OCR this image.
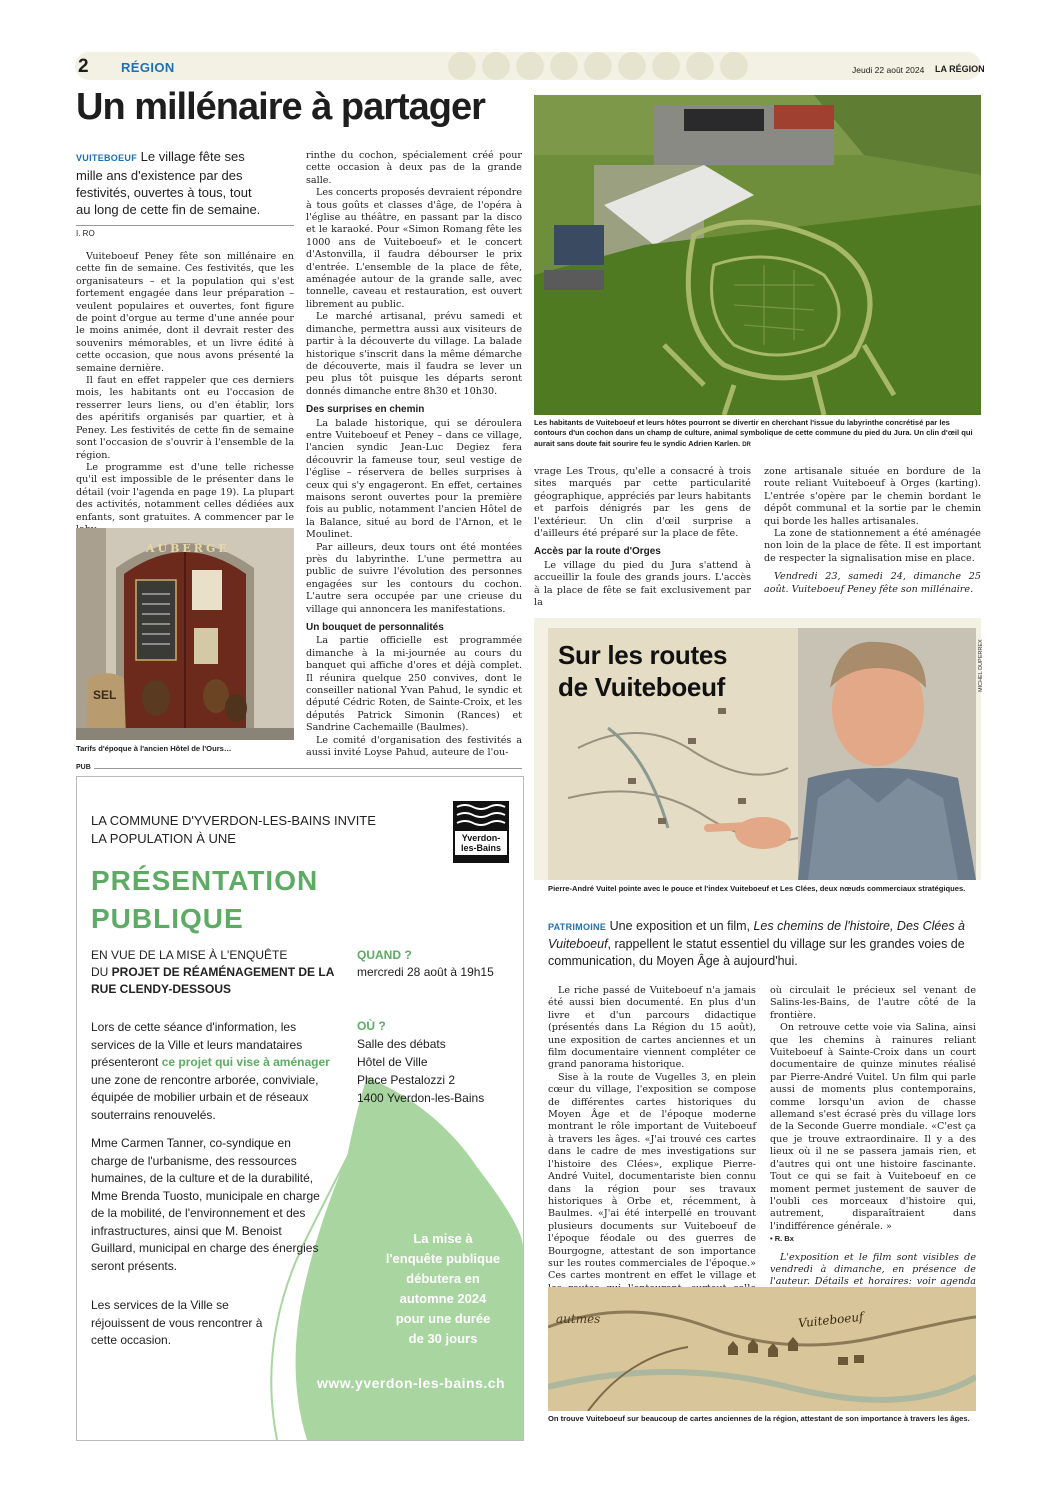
2 RÉGION	Jeudi 22 août 2024 LA RÉGION
Un millénaire à partager
VUITEBOEUF Le village fête ses mille ans d'existence par des festivités, ouvertes à tous, tout au long de cette fin de semaine.
I. RO

Vuiteboeuf Peney fête son millénaire en cette fin de semaine. Ces festivités, que les organisateurs – et la population qui s'est fortement engagée dans leur préparation – veulent populaires et ouvertes, font figure de point d'orgue au terme d'une année pour le moins animée, dont il devrait rester des souvenirs mémorables, et un livre édité à cette occasion, que nous avons présenté la semaine dernière.

Il faut en effet rappeler que ces derniers mois, les habitants ont eu l'occasion de resserrer leurs liens, ou d'en établir, lors des apéritifs organisés par quartier, et à Peney. Les festivités de cette fin de semaine sont l'occasion de s'ouvrir à l'ensemble de la région.

Le programme est d'une telle richesse qu'il est impossible de le présenter dans le détail (voir l'agenda en page 19). La plupart des activités, notamment celles dédiées aux enfants, sont gratuites. A commencer par le

AUBERGE
SEL
Tarifs d'époque à l'ancien Hôtel de l'Ours…

rinthe du cochon, spécialement créé pour cette occasion à deux pas de la grande salle.

Les concerts proposés devraient répondre à tous goûts et classes d'âge, de l'opéra à l'église au théâtre, en passant par la disco et le karaoké. Pour «Simon Romang fête les 1000 ans de Vuiteboeuf» et le concert d'Astonvilla, il faudra débourser le prix d'entrée. L'ensemble de la place de fête, aménagée autour de la grande salle, avec tonnelle, caveau et restauration, est ouvert librement au public.

Le marché artisanal, prévu samedi et dimanche, permettra aussi aux visiteurs de partir à la découverte du village. La balade historique s'inscrit dans la même démarche de découverte, mais il faudra se lever un peu plus tôt puisque les départs seront donnés dimanche entre 8h30 et 10h30.

Des surprises en chemin

La balade historique, qui se déroulera entre Vuiteboeuf et Peney – dans ce village, l'ancien syndic Jean-Luc Degiez fera découvrir la fameuse tour, seul vestige de l'église – réservera de belles surprises à ceux qui s'y engageront. En effet, certaines maisons seront ouvertes pour la première fois au public, notamment l'ancien Hôtel de la Balance, situé au bord de l'Arnon, et le Moulinet.

Par ailleurs, deux tours ont été montées près du labyrinthe. L'une permettra au public de suivre l'évolution des personnes engagées sur les contours du cochon. L'autre sera occupée par une crieuse du village qui annoncera les manifestations.

Un bouquet de personnalités

La partie officielle est programmée dimanche à la mi-journée au cours du banquet qui affiche d'ores et déjà complet. Il réunira quelque 250 convives, dont le conseiller national Yvan Pahud, le syndic et député Cédric Roten, de Sainte-Croix, et les députés Patrick Simonin (Rances) et Sandrine Cachemaille (Baulmes).

Le comité d'organisation des festivités a aussi invité Loyse Pahud, auteure de l'ou-

Les habitants de Vuiteboeuf et leurs hôtes pourront se divertir en cherchant l'issue du labyrinthe concrétisé par les contours d'un cochon dans un champ de culture, animal symbolique de cette commune du pied du Jura. Un clin d'œil qui aurait sans doute fait sourire feu le syndic Adrien Karlen. DR

vrage Les Trous, qu'elle a consacré à trois sites marqués par cette particularité géographique, appréciés par leurs habitants et parfois dénigrés par les gens de l'extérieur. Un clin d'œil surprise a d'ailleurs été préparé sur la place de fête.

Accès par la route d'Orges

Le village du pied du Jura s'attend à accueillir la foule des grands jours. L'accès à la place de fête se fait exclusivement par la

zone artisanale située en bordure de la route reliant Vuiteboeuf à Orges (karting). L'entrée s'opère par le chemin bordant le dépôt communal et la sortie par le chemin qui borde les halles artisanales.

La zone de stationnement a été aménagée non loin de la place de fête. Il est important de respecter la signalisation mise en place.

Vendredi 23, samedi 24, dimanche 25 août. Vuiteboeuf Peney fête son millénaire.

PUB
LA COMMUNE D'YVERDON-LES-BAINS INVITE
LA POPULATION À UNE	Yverdon-les-Bains
PRÉSENTATION
PUBLIQUE
EN VUE DE LA MISE À L'ENQUÊTE
DU PROJET DE RÉAMÉNAGEMENT DE LA RUE CLENDY-DESSOUS
QUAND ?
mercredi 28 août à 19h15
OÙ ?
Salle des débats
Hôtel de Ville
Place Pestalozzi 2
1400 Yverdon-les-Bains
Lors de cette séance d'information, les services de la Ville et leurs mandataires présenteront ce projet qui vise à aménager une zone de rencontre arborée, conviviale, équipée de mobilier urbain et de réseaux souterrains renouvelés.
Mme Carmen Tanner, co-syndique en charge de l'urbanisme, des ressources humaines, de la culture et de la durabilité, Mme Brenda Tuosto, municipale en charge de la mobilité, de l'environnement et des infrastructures, ainsi que M. Benoist Guillard, municipal en charge des énergies seront présents.
Les services de la Ville se réjouissent de vous rencontrer à cette occasion.
La mise à
l'enquête publique
débutera en
automne 2024
pour une durée
de 30 jours
www.yverdon-les-bains.ch
Sur les routes
de Vuiteboeuf	MICHEL DUPERREX
Pierre-André Vuitel pointe avec le pouce et l'index Vuiteboeuf et Les Clées, deux nœuds commerciaux stratégiques.
PATRIMOINE Une exposition et un film, Les chemins de l'histoire, Des Clées à Vuiteboeuf, rappellent le statut essentiel du village sur les grandes voies de communication, du Moyen Âge à aujourd'hui.

Le riche passé de Vuiteboeuf n'a jamais été aussi bien documenté. En plus d'un livre et d'un parcours didactique (présentés dans La Région du 15 août), une exposition de cartes anciennes et un film documentaire viennent compléter ce grand panorama historique.

Sise à la route de Vugelles 3, en plein cœur du village, l'exposition se compose de différentes cartes historiques du Moyen Âge et de l'époque moderne montrant le rôle important de Vuiteboeuf à travers les âges. «J'ai trouvé ces cartes dans le cadre de mes investigations sur l'histoire des Clées», explique Pierre-André Vuitel, documentariste bien connu dans la région pour ses travaux historiques à Orbe et, récemment, à Baulmes. «J'ai été interpellé en trouvant plusieurs documents sur Vuiteboeuf de l'époque féodale ou des guerres de Bourgogne, attestant de son importance sur les routes commerciales de l'époque.» Ces cartes montrent en effet le village et

où circulait le précieux sel venant de Salins-les-Bains, de l'autre côté de la frontière.

On retrouve cette voie via Salina, ainsi que les chemins à rainures reliant Vuiteboeuf à Sainte-Croix dans un court documentaire de quinze minutes réalisé par Pierre-André Vuitel. Un film qui parle aussi de moments plus contemporains, comme lorsqu'un avion de chasse allemand s'est écrasé près du village lors de la Seconde Guerre mondiale. «C'est ça que je trouve extraordinaire. Il y a des lieux où il ne se passera jamais rien, et d'autres qui ont une histoire fascinante. Tout ce qui se fait à Vuiteboeuf en ce moment permet justement de sauver de l'oubli ces morceaux d'histoire qui, autrement, disparaîtraient dans l'indifférence générale. »

• R. Bx

L'exposition et le film sont visibles de vendredi à dimanche, en présence de l'auteur. Détails et horaires: voir agenda

autmes	Vuiteboeuf
On trouve Vuiteboeuf sur beaucoup de cartes anciennes de la région, attestant de son importance à travers les âges.
